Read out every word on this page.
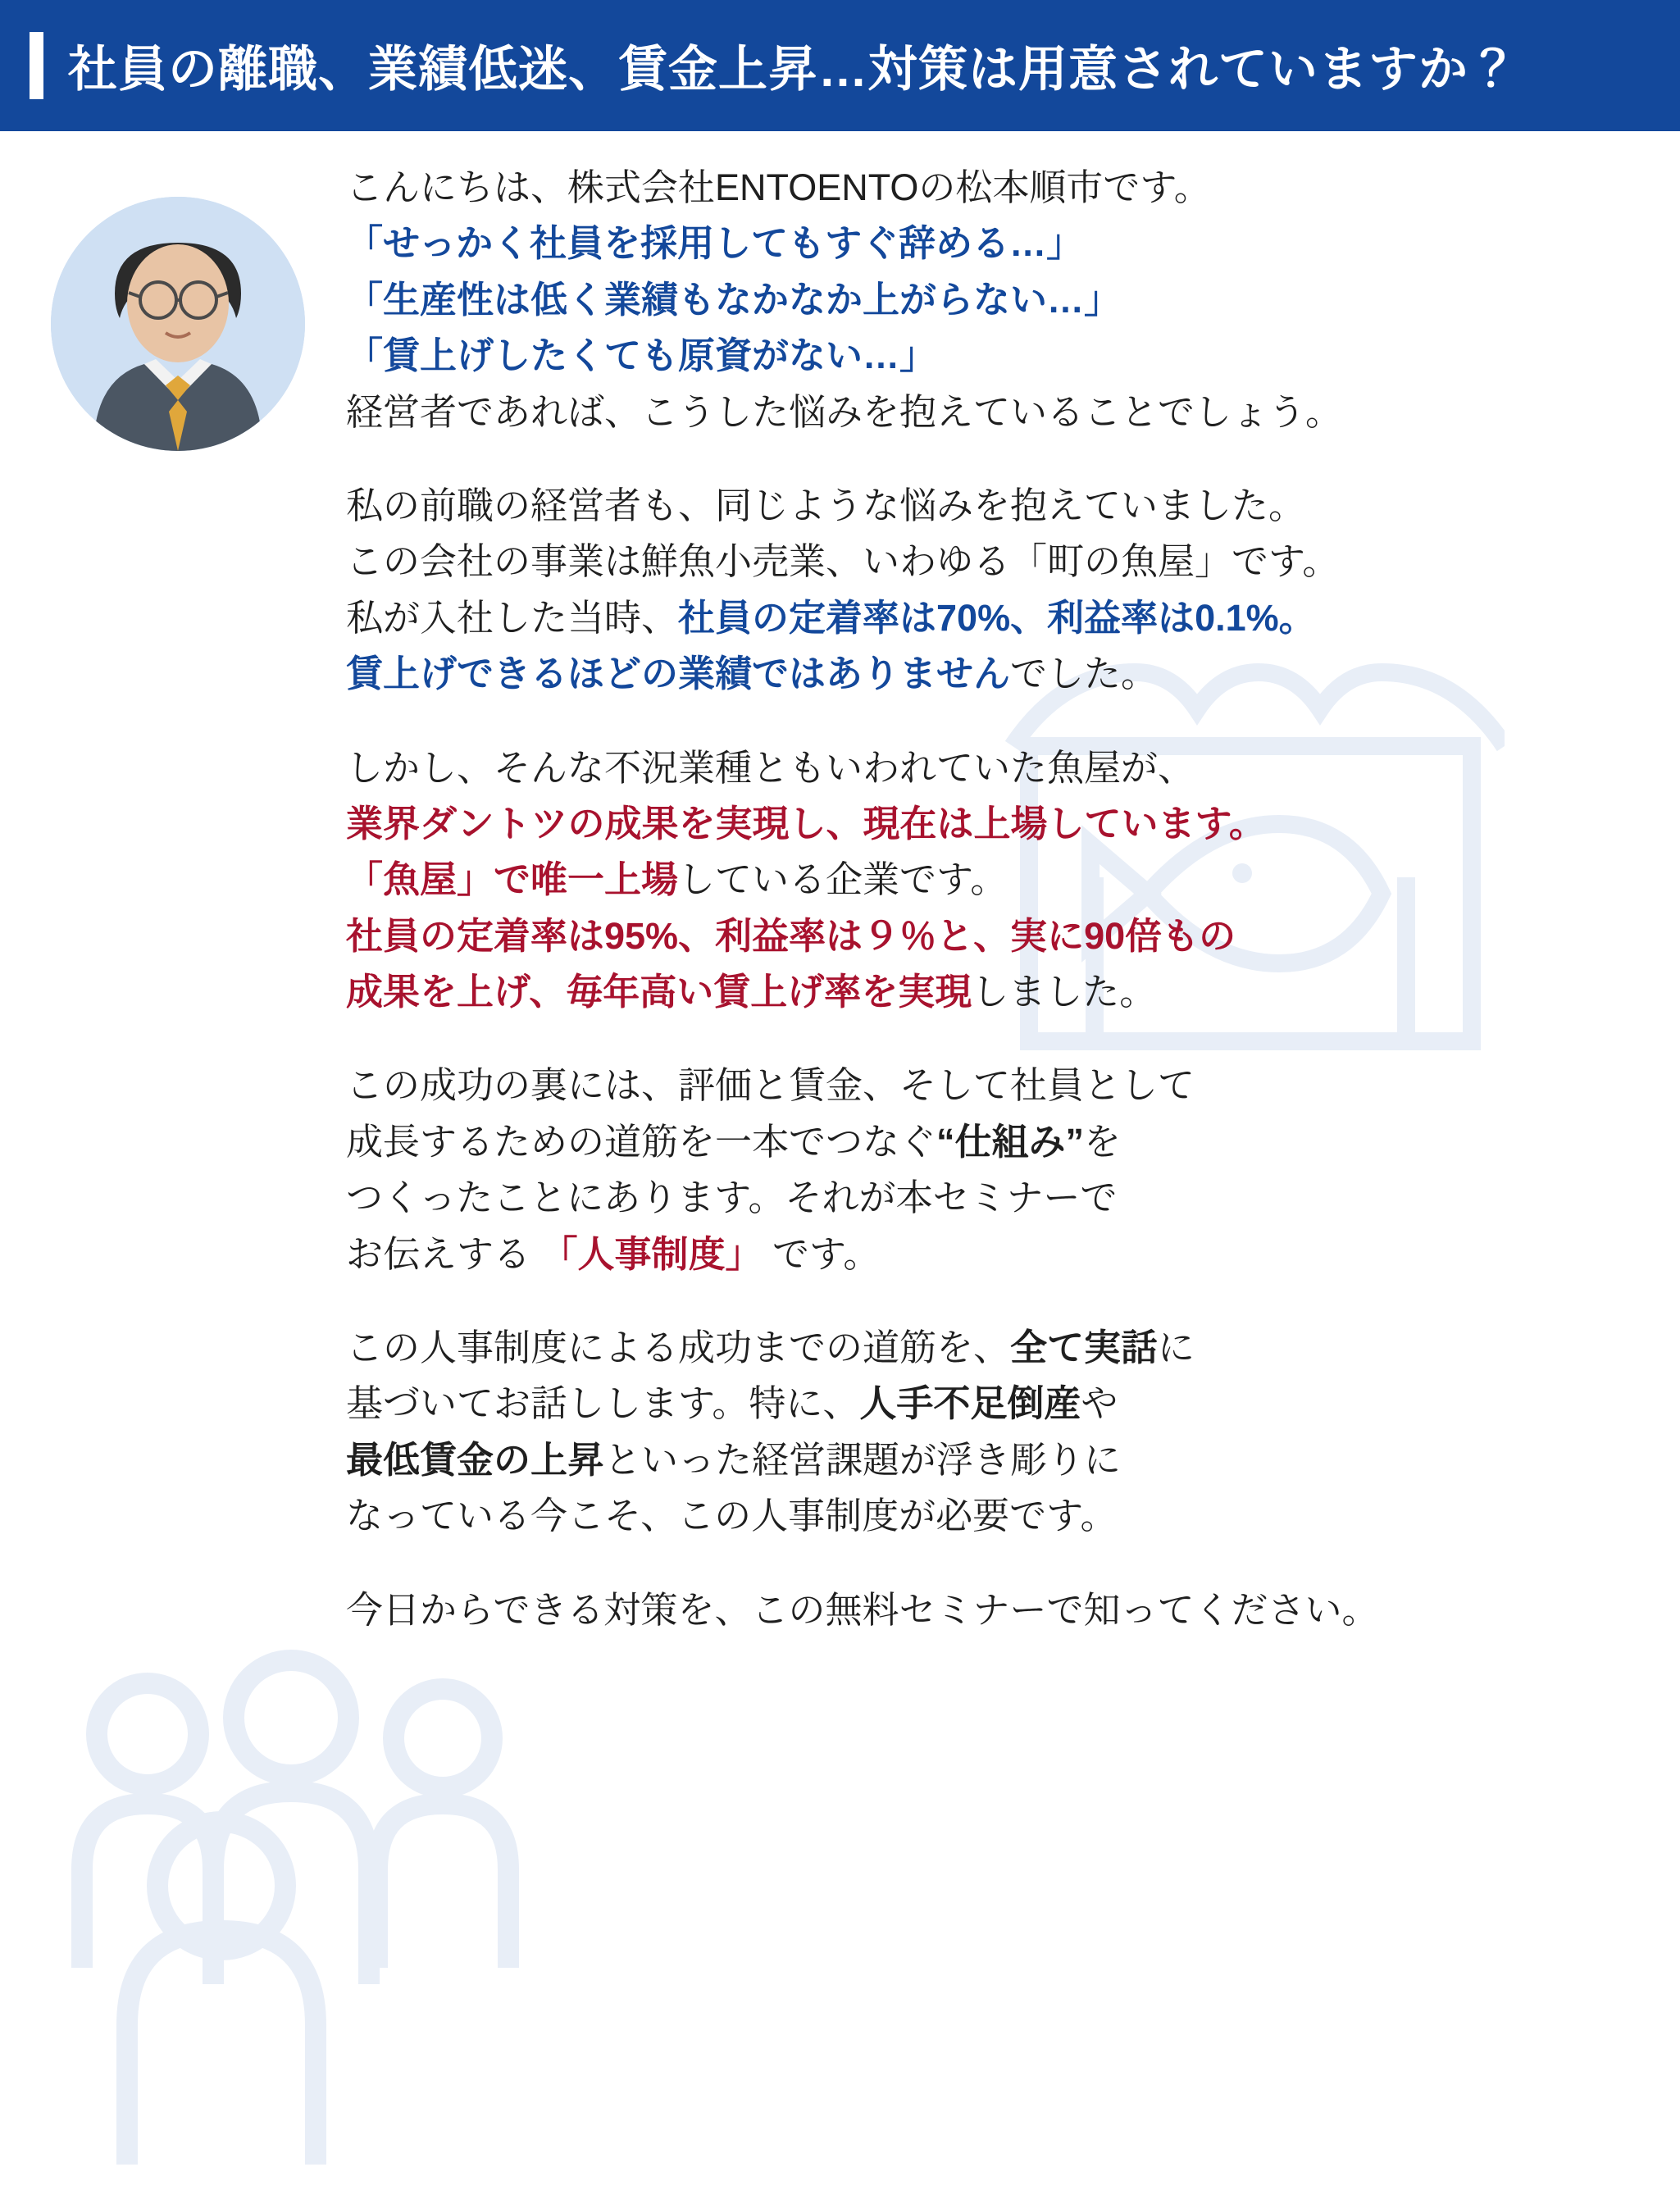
社員の離職、業績低迷、賃金上昇…対策は用意されていますか？
こんにちは、株式会社ENTOENTOの松本順市です。
「せっかく社員を採用してもすぐ辞める…」
「生産性は低く業績もなかなか上がらない…」
「賃上げしたくても原資がない…」
経営者であれば、こうした悩みを抱えていることでしょう。
私の前職の経営者も、同じような悩みを抱えていました。
この会社の事業は鮮魚小売業、いわゆる「町の魚屋」です。
私が入社した当時、社員の定着率は70%、利益率は0.1%。
賃上げできるほどの業績ではありませんでした。
しかし、そんな不況業種ともいわれていた魚屋が、
業界ダントツの成果を実現し、現在は上場しています。
「魚屋」で唯一上場している企業です。
社員の定着率は95%、利益率は９％と、実に90倍もの
成果を上げ、毎年高い賃上げ率を実現しました。
この成功の裏には、評価と賃金、そして社員として
成長するための道筋を一本でつなぐ“仕組み”を
つくったことにあります。それが本セミナーで
お伝えする 「人事制度」 です。
この人事制度による成功までの道筋を、全て実話に
基づいてお話しします。特に、人手不足倒産や
最低賃金の上昇といった経営課題が浮き彫りに
なっている今こそ、この人事制度が必要です。
今日からできる対策を、この無料セミナーで知ってください。
